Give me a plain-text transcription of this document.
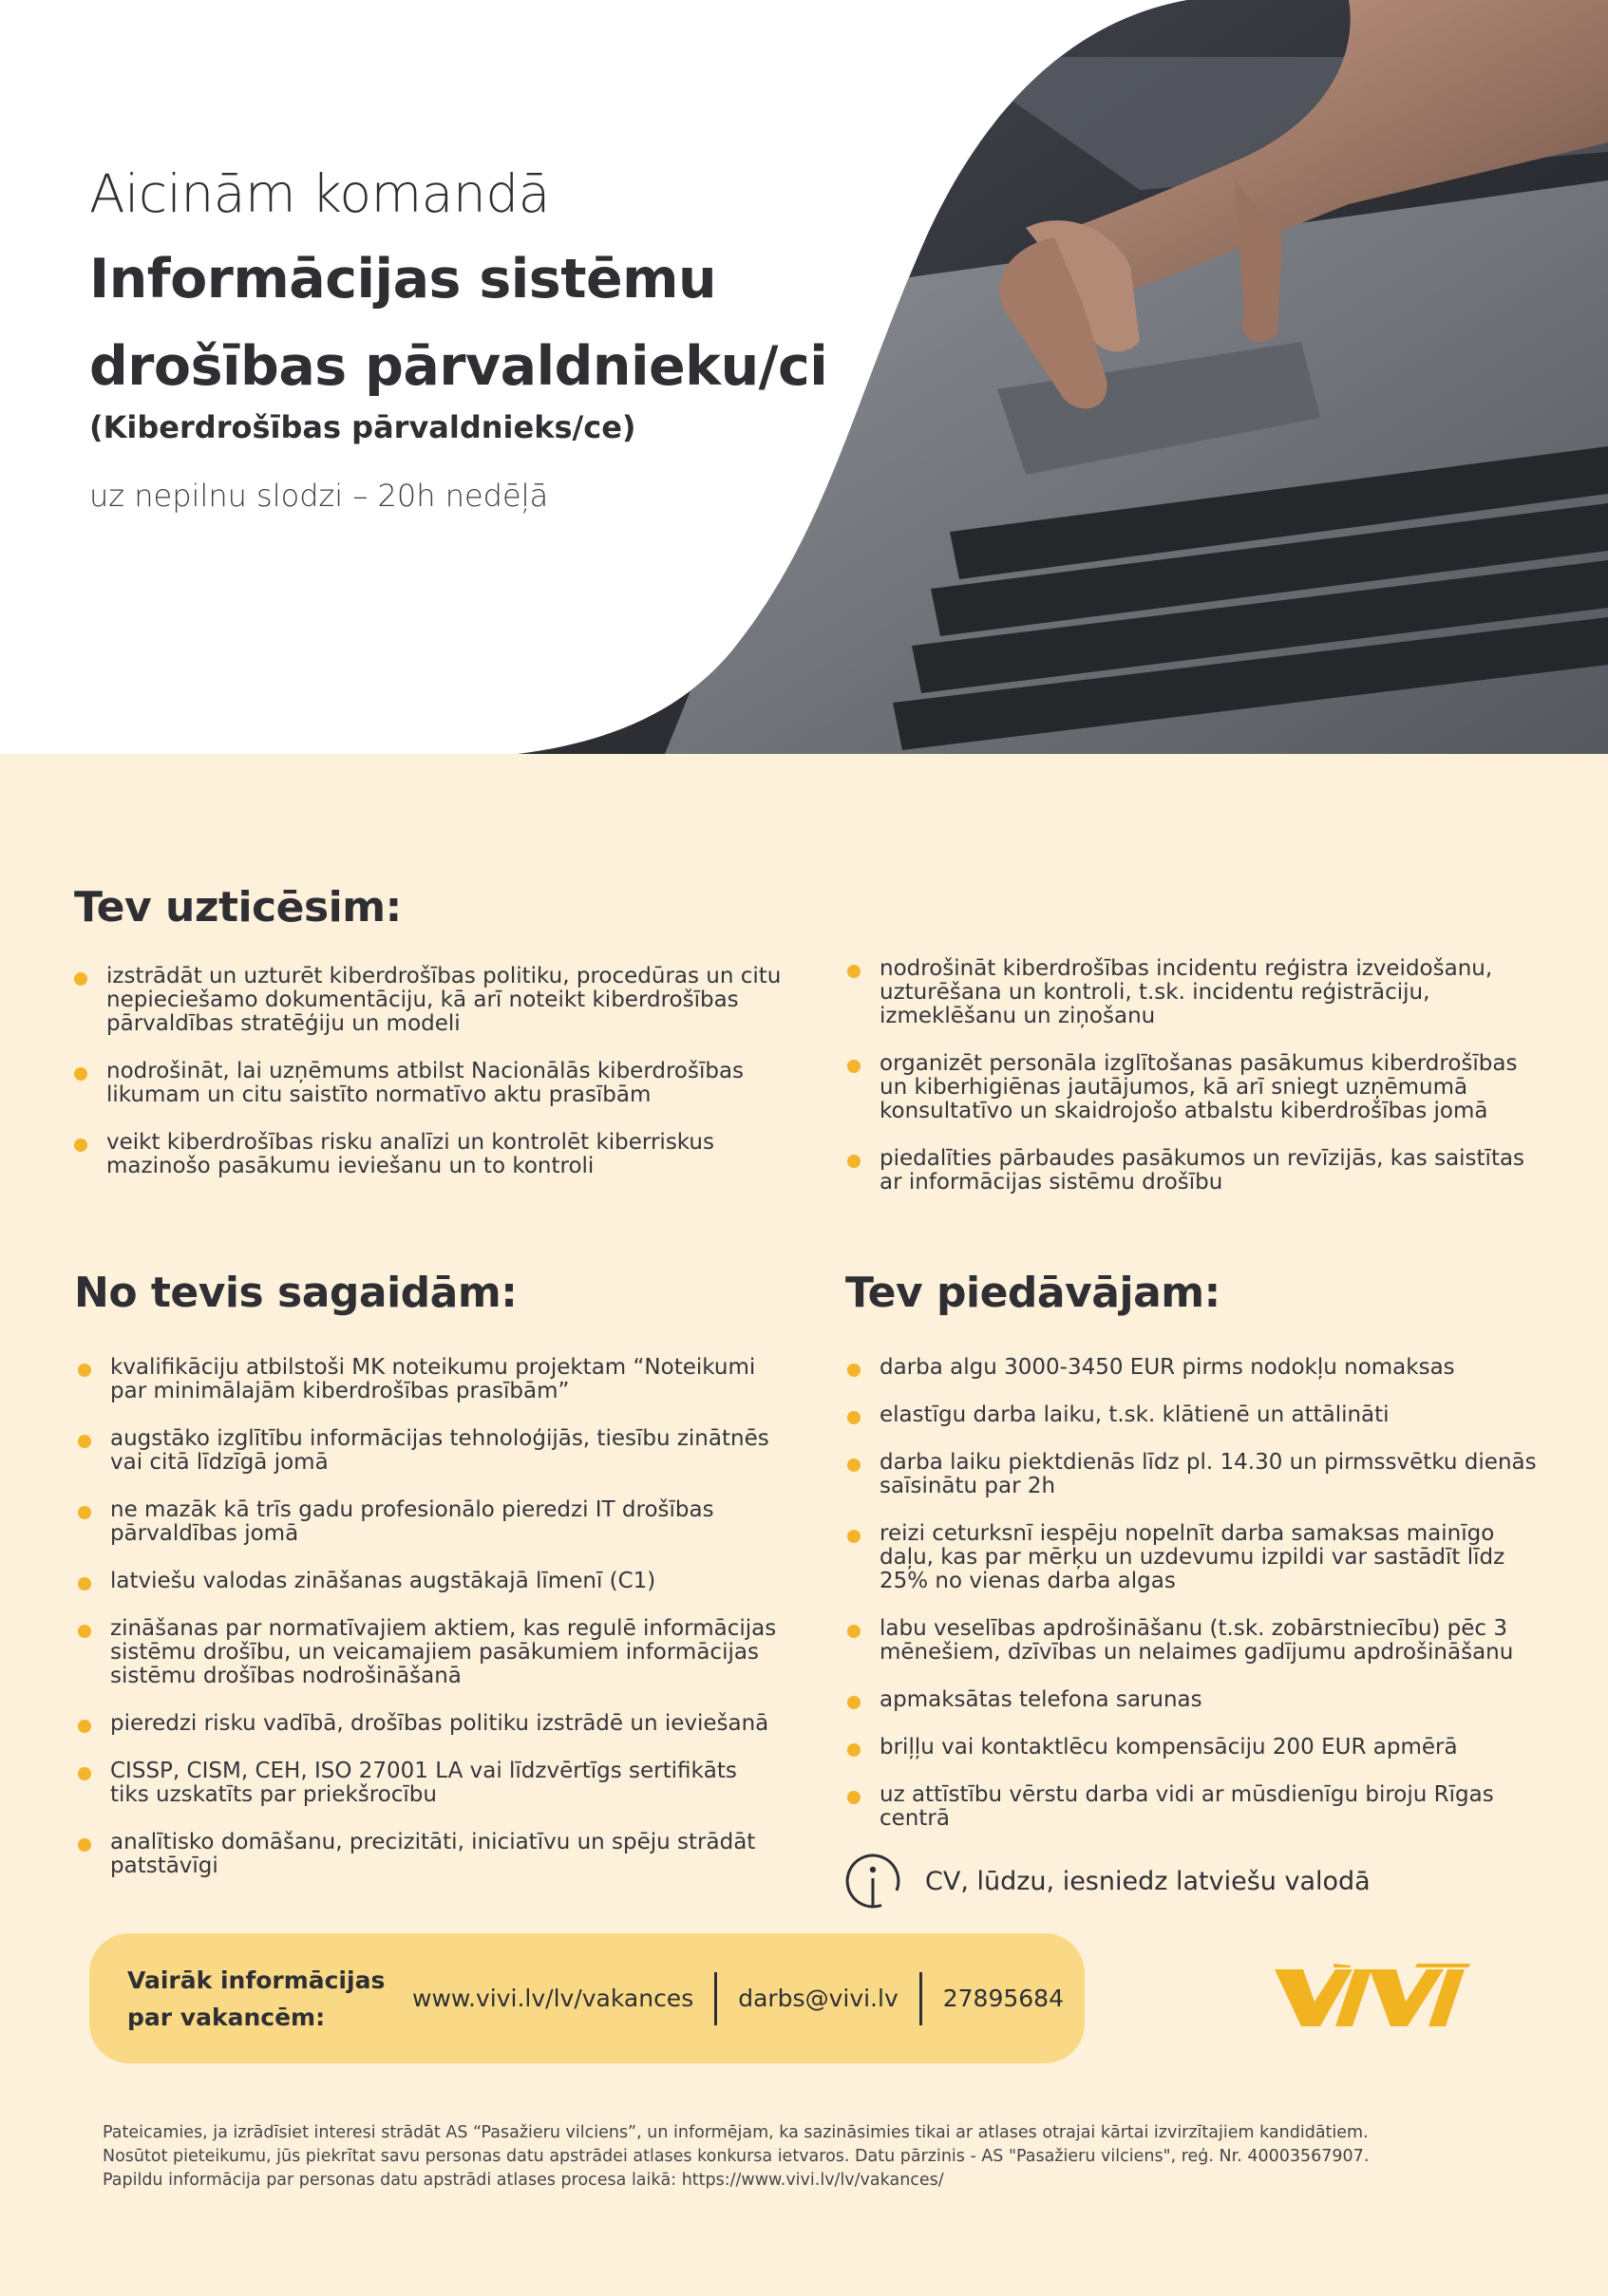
Aicinām komandā
Informācijas sistēmu
drošības pārvaldnieku/ci
(Kiberdrošības pārvaldnieks/ce)
uz nepilnu slodzi – 20h nedēļā
Tev uzticēsim:
izstrādāt un uzturēt kiberdrošības politiku, procedūras un citu nepieciešamo dokumentāciju, kā arī noteikt kiberdrošības pārvaldības stratēģiju un modeli
nodrošināt, lai uzņēmums atbilst Nacionālās kiberdrošības likumam un citu saistīto normatīvo aktu prasībām
veikt kiberdrošības risku analīzi un kontrolēt kiberriskus mazinošo pasākumu ieviešanu un to kontroli
nodrošināt kiberdrošības incidentu reģistra izveidošanu, uzturēšana un kontroli, t.sk. incidentu reģistrāciju, izmeklēšanu un ziņošanu
organizēt personāla izglītošanas pasākumus kiberdrošības un kiberhigiēnas jautājumos, kā arī sniegt uzņēmumā konsultatīvo un skaidrojošo atbalstu kiberdrošības jomā
piedalīties pārbaudes pasākumos un revīzijās, kas saistītas ar informācijas sistēmu drošību
No tevis sagaidām:
kvalifikāciju atbilstoši MK noteikumu projektam “Noteikumi par minimālajām kiberdrošības prasībām”
augstāko izglītību informācijas tehnoloģijās, tiesību zinātnēs vai citā līdzīgā jomā
ne mazāk kā trīs gadu profesionālo pieredzi IT drošības pārvaldības jomā
latviešu valodas zināšanas augstākajā līmenī (C1)
zināšanas par normatīvajiem aktiem, kas regulē informācijas sistēmu drošību, un veicamajiem pasākumiem informācijas sistēmu drošības nodrošināšanā
pieredzi risku vadībā, drošības politiku izstrādē un ieviešanā
CISSP, CISM, CEH, ISO 27001 LA vai līdzvērtīgs sertifikāts tiks uzskatīts par priekšrocību
analītisko domāšanu, precizitāti, iniciatīvu un spēju strādāt patstāvīgi
Tev piedāvājam:
darba algu 3000-3450 EUR pirms nodokļu nomaksas
elastīgu darba laiku, t.sk. klātienē un attālināti
darba laiku piektdienās līdz pl. 14.30 un pirmssvētku dienās saīsinātu par 2h
reizi ceturksnī iespēju nopelnīt darba samaksas mainīgo daļu, kas par mērķu un uzdevumu izpildi var sastādīt līdz 25% no vienas darba algas
labu veselības apdrošināšanu (t.sk. zobārstniecību) pēc 3 mēnešiem, dzīvības un nelaimes gadījumu apdrošināšanu
apmaksātas telefona sarunas
briļļu vai kontaktlēcu kompensāciju 200 EUR apmērā
uz attīstību vērstu darba vidi ar mūsdienīgu biroju Rīgas centrā
CV, lūdzu, iesniedz latviešu valodā
Vairāk informācijas par vakancēm:
www.vivi.lv/lv/vakances darbs@vivi.lv 27895684
Pateicamies, ja izrādīsiet interesi strādāt AS “Pasažieru vilciens”, un informējam, ka sazināsimies tikai ar atlases otrajai kārtai izvirzītajiem kandidātiem.
Nosūtot pieteikumu, jūs piekrītat savu personas datu apstrādei atlases konkursa ietvaros. Datu pārzinis - AS "Pasažieru vilciens", reģ. Nr. 40003567907.
Papildu informācija par personas datu apstrādi atlases procesa laikā: https://www.vivi.lv/lv/vakances/
